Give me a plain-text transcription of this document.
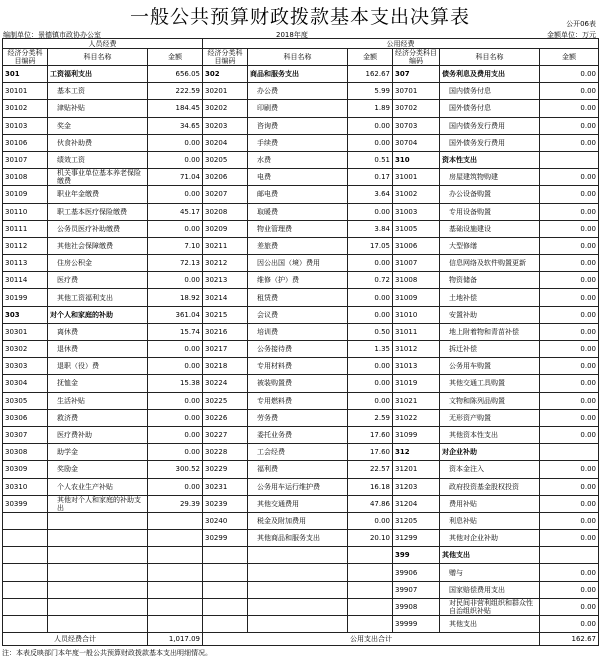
一般公共预算财政拨款基本支出决算表	公开06表
编制单位：景德镇市政协办公室	2018年度	金额单位：万元
人员经费			公用经费					
经济分类科目编码	科目名称	金额	经济分类科目编码	科目名称	金额	经济分类科目编码	科目名称	金额
301	工资福利支出	656.05	302	商品和服务支出	162.67	307	债务利息及费用支出	0.00
30101	基本工资	222.59	30201	办公费	5.99	30701	国内债务付息	0.00
30102	津贴补贴	184.45	30202	印刷费	1.89	30702	国外债务付息	0.00
30103	奖金	34.65	30203	咨询费	0.00	30703	国内债务发行费用	0.00
30106	伙食补助费	0.00	30204	手续费	0.00	30704	国外债务发行费用	0.00
30107	绩效工资	0.00	30205	水费	0.51	310	资本性支出	
30108	机关事业单位基本养老保险缴费	71.04	30206	电费	0.17	31001	房屋建筑物购建	0.00
30109	职业年金缴费	0.00	30207	邮电费	3.64	31002	办公设备购置	0.00
30110	职工基本医疗保险缴费	45.17	30208	取暖费	0.00	31003	专用设备购置	0.00
30111	公务员医疗补助缴费	0.00	30209	物业管理费	3.84	31005	基础设施建设	0.00
30112	其他社会保障缴费	7.10	30211	差旅费	17.05	31006	大型修缮	0.00
30113	住房公积金	72.13	30212	因公出国（境）费用	0.00	31007	信息网络及软件购置更新	0.00
30114	医疗费	0.00	30213	维修（护）费	0.72	31008	物资储备	0.00
30199	其他工资福利支出	18.92	30214	租赁费	0.00	31009	土地补偿	0.00
303	对个人和家庭的补助	361.04	30215	会议费	0.00	31010	安置补助	0.00
30301	离休费	15.74	30216	培训费	0.50	31011	地上附着物和青苗补偿	0.00
30302	退休费	0.00	30217	公务接待费	1.35	31012	拆迁补偿	0.00
30303	退职（役）费	0.00	30218	专用材料费	0.00	31013	公务用车购置	0.00
30304	抚恤金	15.38	30224	被装购置费	0.00	31019	其他交通工具购置	0.00
30305	生活补贴	0.00	30225	专用燃料费	0.00	31021	文物和陈列品购置	0.00
30306	救济费	0.00	30226	劳务费	2.59	31022	无形资产购置	0.00
30307	医疗费补助	0.00	30227	委托业务费	17.60	31099	其他资本性支出	0.00
30308	助学金	0.00	30228	工会经费	17.60	312	对企业补助	
30309	奖励金	300.52	30229	福利费	22.57	31201	资本金注入	0.00
30310	个人农业生产补贴	0.00	30231	公务用车运行维护费	16.18	31203	政府投资基金股权投资	0.00
30399	其他对个人和家庭的补助支出	29.39	30239	其他交通费用	47.86	31204	费用补贴	0.00
			30240	税金及附加费用	0.00	31205	利息补贴	0.00
			30299	其他商品和服务支出	20.10	31299	其他对企业补助	0.00
						399	其他支出	
						39906	赠与	0.00
						39907	国家赔偿费用支出	0.00
						39908	对民间非营利组织和群众性自治组织补贴	0.00
						39999	其他支出	0.00
人员经费合计		1,017.09	公用支出合计					162.67
注：本表反映部门本年度一般公共预算财政拨款基本支出明细情况。
